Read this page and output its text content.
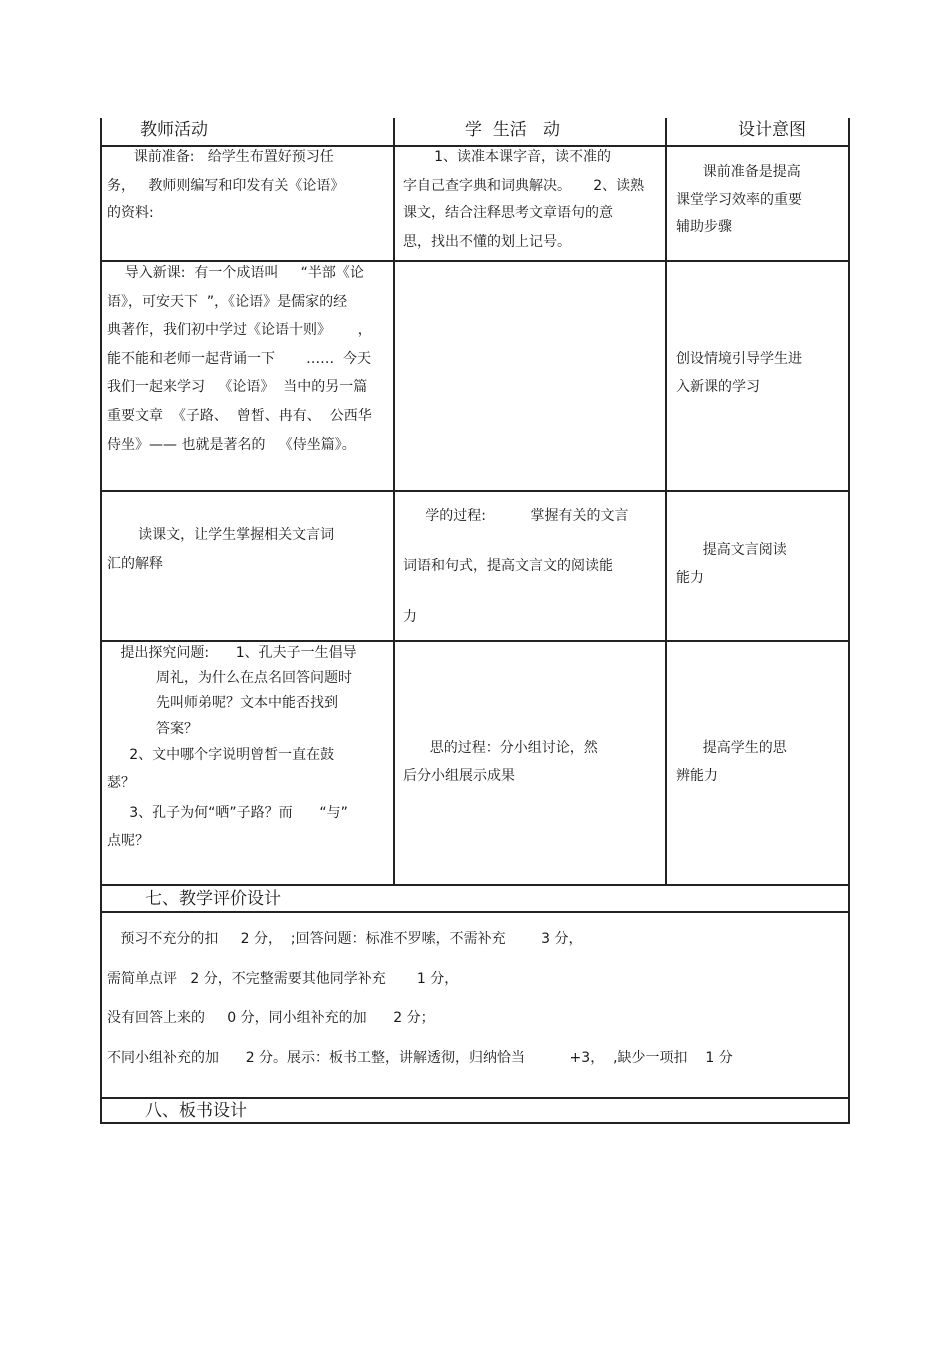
教师活动	学  生活   动	设计意图
课前准备:   给学生布置好预习任
务，   教师则编写和印发有关《论语》
的资料:
1、读准本课字音，读不准的
字自己查字典和词典解决。     2、读熟
课文，结合注释思考文章语句的意
思，找出不懂的划上记号。
课前准备是提高
课堂学习效率的重要
辅助步骤
导入新课:  有一个成语叫     “半部《论
语》，可安天下  ”，《论语》是儒家的经
典著作，我们初中学过《论语十则》      ，
能不能和老师一起背诵一下       ……  今天
我们一起来学习   《论语》  当中的另一篇
重要文章  《子路、  曾皙、冉有、  公西华
侍坐》—— 也就是著名的   《侍坐篇》。
创设情境引导学生进
入新课的学习
读课文，让学生掌握相关文言词
汇的解释
学的过程:          掌握有关的文言
词语和句式，提高文言文的阅读能
力
提高文言阅读
能力
提出探究问题:      1、孔夫子一生倡导
周礼，为什么在点名回答问题时
先叫师弟呢？文本中能否找到
答案？
2、文中哪个字说明曾皙一直在鼓
瑟？
3、孔子为何“哂”子路？而      “与”
点呢？
思的过程：分小组讨论，然
后分小组展示成果
提高学生的思
辨能力
七、教学评价设计
预习不充分的扣     2 分，  ;回答问题：标准不罗嗦，不需补充        3 分，
需简单点评   2 分，不完整需要其他同学补充       1 分，
没有回答上来的     0 分，同小组补充的加      2 分；
不同小组补充的加      2 分。展示：板书工整，讲解透彻，归纳恰当          +3，  ,缺少一项扣    1 分
八、板书设计
